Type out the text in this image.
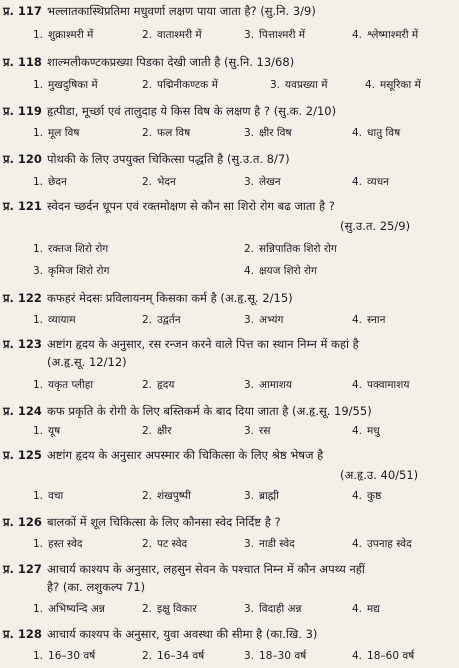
प्र. 117 भल्लातकास्थिप्रतिमा मधुवर्णा लक्षण पाया जाता है? (सु.नि. 3/9)
1. शुक्राश्मरी में	2. वाताश्मरी में	3. पित्ताश्मरी में	4. श्लेष्माश्मरी में
प्र. 118 शाल्मलीकण्टकप्रख्या पिडका देखी जाती है (सु.नि. 13/68)
1. मुखदुषिका में	2. पद्मिनीकण्टक में	3. यवप्रख्या में	4. मसूरिका में
प्र. 119 हृत्पीडा, मूर्च्छा एवं तालुदाह ये किस विष के लक्षण है ? (सु.क. 2/10)
1. मूल विष	2. फल विष	3. क्षीर विष	4. धातु विष
प्र. 120 पोथकी के लिए उपयुक्त चिकित्सा पद्धति है (सु.उ.त. 8/7)
1. छेदन	2. भेदन	3. लेखन	4. व्यधन
प्र. 121 स्वेदन च्छर्दन धूपन एवं रक्तमोक्षण से कौन सा शिरो रोग बढ जाता है ?
(सु.उ.त. 25/9)
1. रक्तज शिरो रोग	2. सन्निपातिक शिरो रोग
3. कृमिज शिरो रोग	4. क्षयज शिरो रोग
प्र. 122 कफहरं मेदसः प्रविलायनम् किसका कर्म है (अ.हृ.सू. 2/15)
1. व्यायाम	2. उद्वर्तन	3. अभ्यंग	4. स्नान
प्र. 123 अष्टांग हृदय के अनुसार, रस रन्जन करने वाले पित्त का स्थान निम्न में कहां है
(अ.हृ.सू. 12/12)
1. यकृत प्लीहा	2. हृदय	3. आमाशय	4. पक्वामाशय
प्र. 124 कफ प्रकृति के रोगी के लिए बस्तिकर्म के बाद दिया जाता है (अ.हृ.सू. 19/55)
1. यूष	2. क्षीर	3. रस	4. मधु
प्र. 125 अष्टांग हृदय के अनुसार अपस्मार की चिकित्सा के लिए श्रेष्ठ भेषज है
(अ.हृ.उ. 40/51)
1. वचा	2. शंखपुष्पी	3. ब्राह्मी	4. कुष्ठ
प्र. 126 बालकों में शूल चिकित्सा के लिए कौनसा स्वेद निर्दिष्ट है ?
1. हस्त स्वेद	2. पट स्वेद	3. नाडी स्वेद	4. उपनाह स्वेद
प्र. 127 आचार्य काश्यप के अनुसार, लहसुन सेवन के पश्चात निम्न में कौन अपथ्य नहीं
है? (का. लशुकल्प 71)
1. अभिष्यन्दि अन्न	2. इक्षु विकार	3. विदाही अन्न	4. मद्य
प्र. 128 आचार्य काश्यप के अनुसार, युवा अवस्था की सीमा है (का.खि. 3)
1. 16–30 वर्ष	2. 16–34 वर्ष	3. 18–30 वर्ष	4. 18–60 वर्ष
